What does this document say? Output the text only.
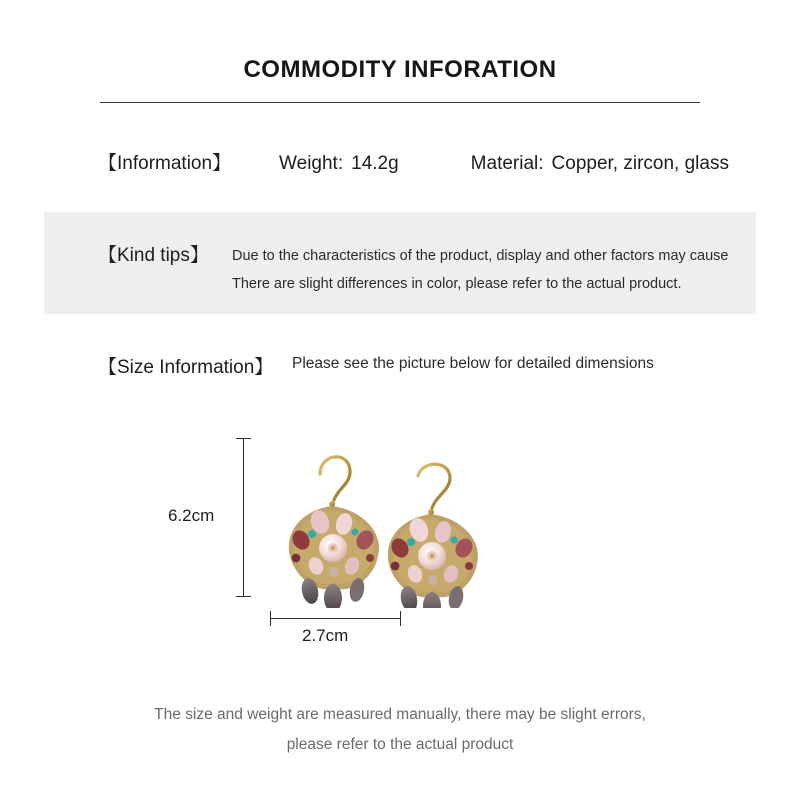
COMMODITY INFORATION
【Information】	Weight: 14.2g	Material: Copper, zircon, glass
【Kind tips】 Due to the characteristics of the product, display and other factors may cause
There are slight differences in color, please refer to the actual product.
【Size Information】 Please see the picture below for detailed dimensions
6.2cm
2.7cm
The size and weight are measured manually, there may be slight errors,
please refer to the actual product
